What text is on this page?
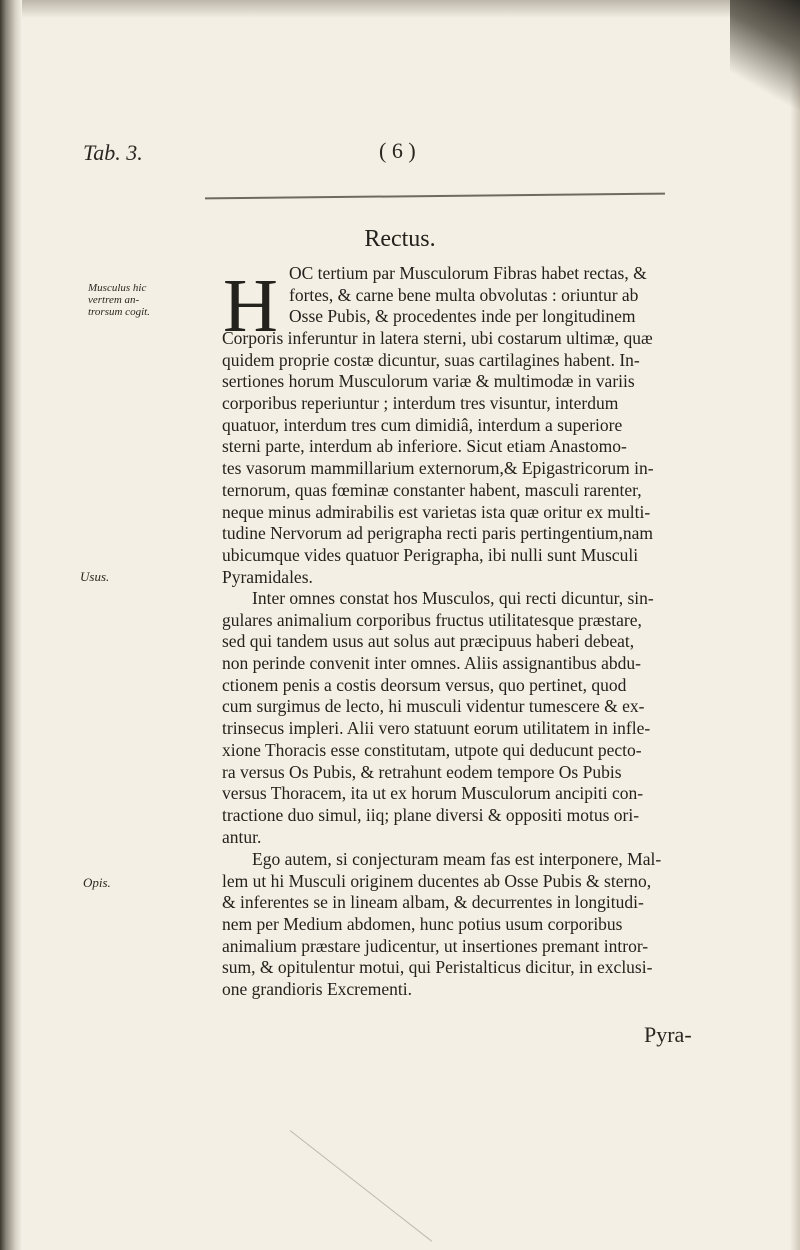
Tab. 3.	( 6 )
Rectus.
Musculus hic
vertrem an-
trorsum cogit.
Usus.
Opis.
H OC tertium par Musculorum Fibras habet rectas, &
fortes, & carne bene multa obvolutas : oriuntur ab
Osse Pubis, & procedentes inde per longitudinem
Corporis inferuntur in latera sterni, ubi costarum ultimæ, quæ
quidem proprie costæ dicuntur, suas cartilagines habent. In-
sertiones horum Musculorum variæ & multimodæ in variis
corporibus reperiuntur ; interdum tres visuntur, interdum
quatuor, interdum tres cum dimidiâ, interdum a superiore
sterni parte, interdum ab inferiore. Sicut etiam Anastomo-
tes vasorum mammillarium externorum,& Epigastricorum in-
ternorum, quas fœminæ constanter habent, masculi rarenter,
neque minus admirabilis est varietas ista quæ oritur ex multi-
tudine Nervorum ad perigrapha recti paris pertingentium,nam
ubicumque vides quatuor Perigrapha, ibi nulli sunt Musculi
Pyramidales.
Inter omnes constat hos Musculos, qui recti dicuntur, sin-
gulares animalium corporibus fructus utilitatesque præstare,
sed qui tandem usus aut solus aut præcipuus haberi debeat,
non perinde convenit inter omnes. Aliis assignantibus abdu-
ctionem penis a costis deorsum versus, quo pertinet, quod
cum surgimus de lecto, hi musculi videntur tumescere & ex-
trinsecus impleri. Alii vero statuunt eorum utilitatem in infle-
xione Thoracis esse constitutam, utpote qui deducunt pecto-
ra versus Os Pubis, & retrahunt eodem tempore Os Pubis
versus Thoracem, ita ut ex horum Musculorum ancipiti con-
tractione duo simul, iiq; plane diversi & oppositi motus ori-
antur.
Ego autem, si conjecturam meam fas est interponere, Mal-
lem ut hi Musculi originem ducentes ab Osse Pubis & sterno,
& inferentes se in lineam albam, & decurrentes in longitudi-
nem per Medium abdomen, hunc potius usum corporibus
animalium præstare judicentur, ut insertiones premant intror-
sum, & opitulentur motui, qui Peristalticus dicitur, in exclusi-
one grandioris Excrementi.
Pyra-
